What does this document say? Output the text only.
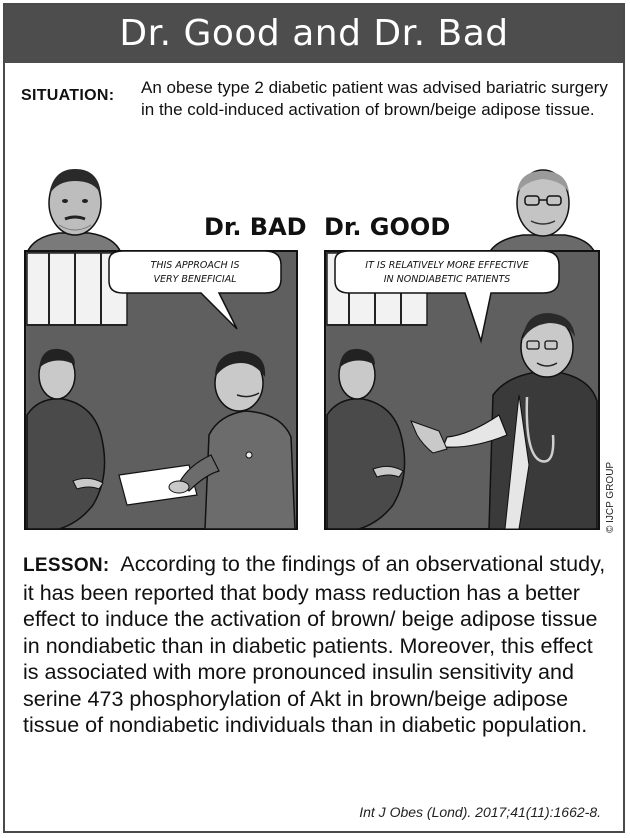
Dr. Good and Dr. Bad
SITUATION: An obese type 2 diabetic patient was advised bariatric surgery in the cold-induced activation of brown/beige adipose tissue.
Dr. BAD Dr. GOOD
THIS APPROACH IS
VERY BENEFICIAL
IT IS RELATIVELY MORE EFFECTIVE
IN NONDIABETIC PATIENTS
© IJCP GROUP
LESSON: According to the findings of an observational study, it has been reported that body mass reduction has a better effect to induce the activation of brown/ beige adipose tissue in nondiabetic than in diabetic patients. Moreover, this effect is associated with more pronounced insulin sensitivity and serine 473 phosphorylation of Akt in brown/beige adipose tissue of nondiabetic individuals than in diabetic population.
Int J Obes (Lond). 2017;41(11):1662-8.
